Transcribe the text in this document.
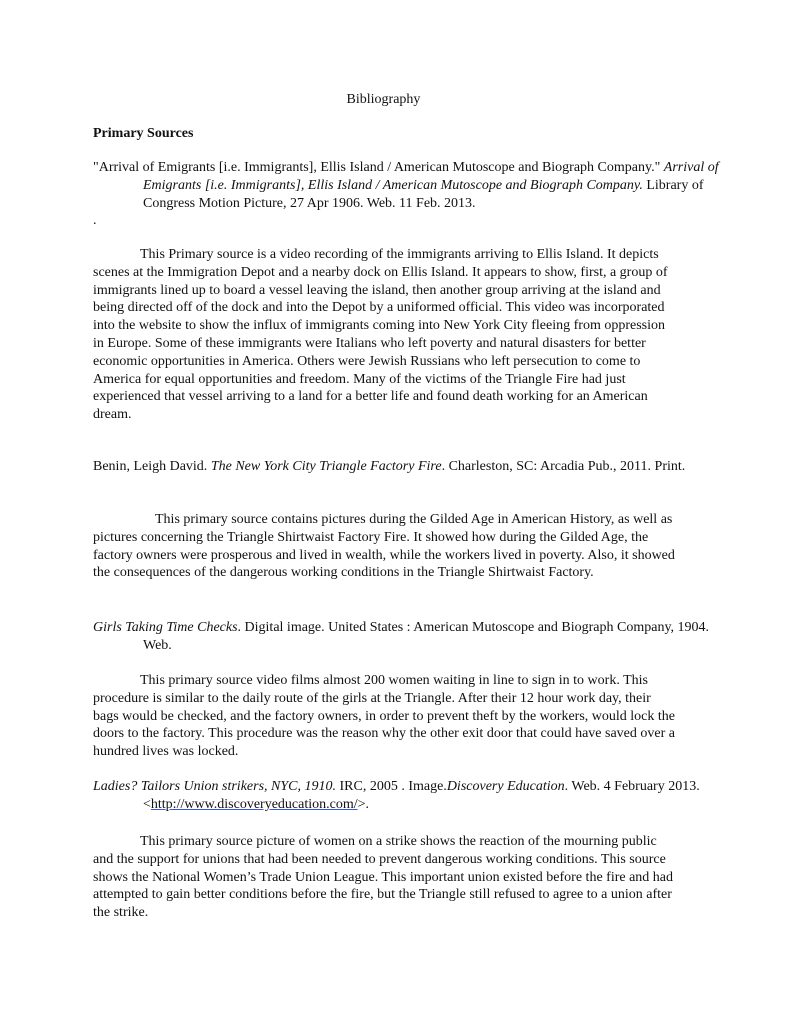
Bibliography
Primary Sources
"Arrival of Emigrants [i.e. Immigrants], Ellis Island / American Mutoscope and Biograph Company." Arrival of Emigrants [i.e. Immigrants], Ellis Island / American Mutoscope and Biograph Company. Library of Congress Motion Picture, 27 Apr 1906. Web. 11 Feb. 2013.
.
This Primary source is a video recording of the immigrants arriving to Ellis Island. It depicts scenes at the Immigration Depot and a nearby dock on Ellis Island. It appears to show, first, a group of immigrants lined up to board a vessel leaving the island, then another group arriving at the island and being directed off of the dock and into the Depot by a uniformed official. This video was incorporated into the website to show the influx of immigrants coming into New York City fleeing from oppression in Europe. Some of these immigrants were Italians who left poverty and natural disasters for better economic opportunities in America. Others were Jewish Russians who left persecution to come to America for equal opportunities and freedom. Many of the victims of the Triangle Fire had just experienced that vessel arriving to a land for a better life and found death working for an American dream.
Benin, Leigh David. The New York City Triangle Factory Fire. Charleston, SC: Arcadia Pub., 2011. Print.
This primary source contains pictures during the Gilded Age in American History, as well as pictures concerning the Triangle Shirtwaist Factory Fire. It showed how during the Gilded Age, the factory owners were prosperous and lived in wealth, while the workers lived in poverty. Also, it showed the consequences of the dangerous working conditions in the Triangle Shirtwaist Factory.
Girls Taking Time Checks. Digital image. United States : American Mutoscope and Biograph Company, 1904. Web.
This primary source video films almost 200 women waiting in line to sign in to work. This procedure is similar to the daily route of the girls at the Triangle. After their 12 hour work day, their bags would be checked, and the factory owners, in order to prevent theft by the workers, would lock the doors to the factory. This procedure was the reason why the other exit door that could have saved over a hundred lives was locked.
Ladies? Tailors Union strikers, NYC, 1910. IRC, 2005 . Image.Discovery Education. Web. 4 February 2013. <http://www.discoveryeducation.com/>.
This primary source picture of women on a strike shows the reaction of the mourning public and the support for unions that had been needed to prevent dangerous working conditions. This source shows the National Women’s Trade Union League. This important union existed before the fire and had attempted to gain better conditions before the fire, but the Triangle still refused to agree to a union after the strike.
